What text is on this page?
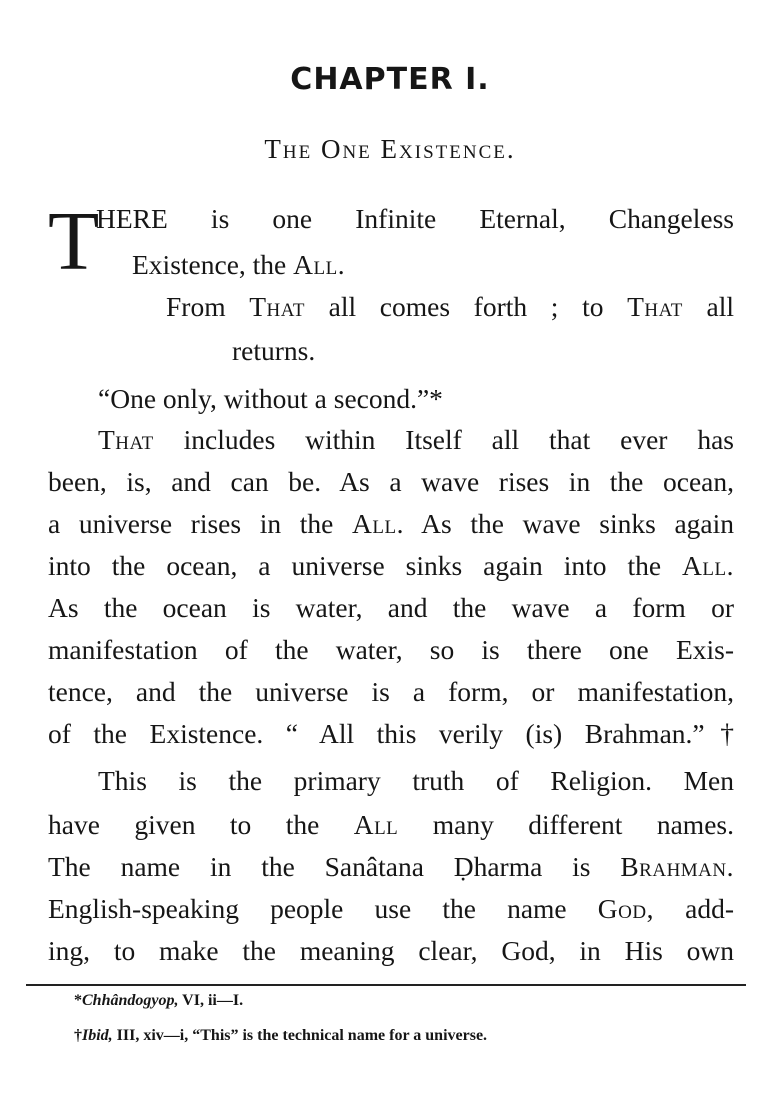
CHAPTER I.
The One Existence.
T
HERE is one Infinite Eternal, Changeless
Existence, the All.
From That all comes forth ; to That all
returns.
“One only, without a second.”*
That includes within Itself all that ever has
been, is, and can be. As a wave rises in the ocean,
a universe rises in the All. As the wave sinks again
into the ocean, a universe sinks again into the All.
As the ocean is water, and the wave a form or
manifestation of the water, so is there one Exis-
tence, and the universe is a form, or manifestation,
of the Existence. “ All this verily (is) Brahman.”†
This is the primary truth of Religion. Men
have given to the All many different names.
The name in the Sanâtana Ḍharma is Brahman.
English-speaking people use the name God, add-
ing, to make the meaning clear, God, in His own
*Chhândogyop, VI, ii—I.
†Ibid, III, xiv—i, “This” is the technical name for a universe.
